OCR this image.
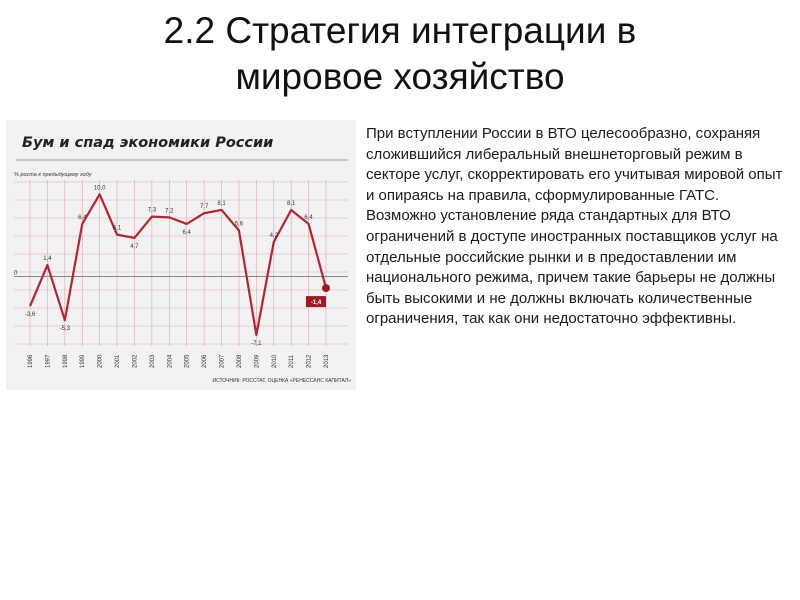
2.2 Стратегия интеграции в
мировое хозяйство
Бум и спад экономики России
% роста к предыдущему году
0
-3,6
1,4
-5,3
6,4
10,0
5,1
4,7
7,3 7,2
6,4
7,7
8,1
5,6
-7,1
4,2
8,1
6,4
-1,4
1996 1997 1998 1999 2000 2001 2002 2003 2004 2005 2006 2007 2008 2009 2010 2011 2012 2013
ИСТОЧНИК: РОССТАТ, ОЦЕНКА «РЕНЕССАНС КАПИТАЛ»
При вступлении России в ВТО целесообразно, сохраняя сложившийся либеральный внешнеторговый режим в секторе услуг, скорректировать его учитывая мировой опыт и опираясь на правила, сформулированные ГАТС. Возможно установление ряда стандартных для ВТО ограничений в доступе иностранных поставщиков услуг на отдельные российские рынки и в предоставлении им национального режима, причем такие барьеры не должны быть высокими и не должны включать количественные ограничения, так как они недостаточно эффективны.
